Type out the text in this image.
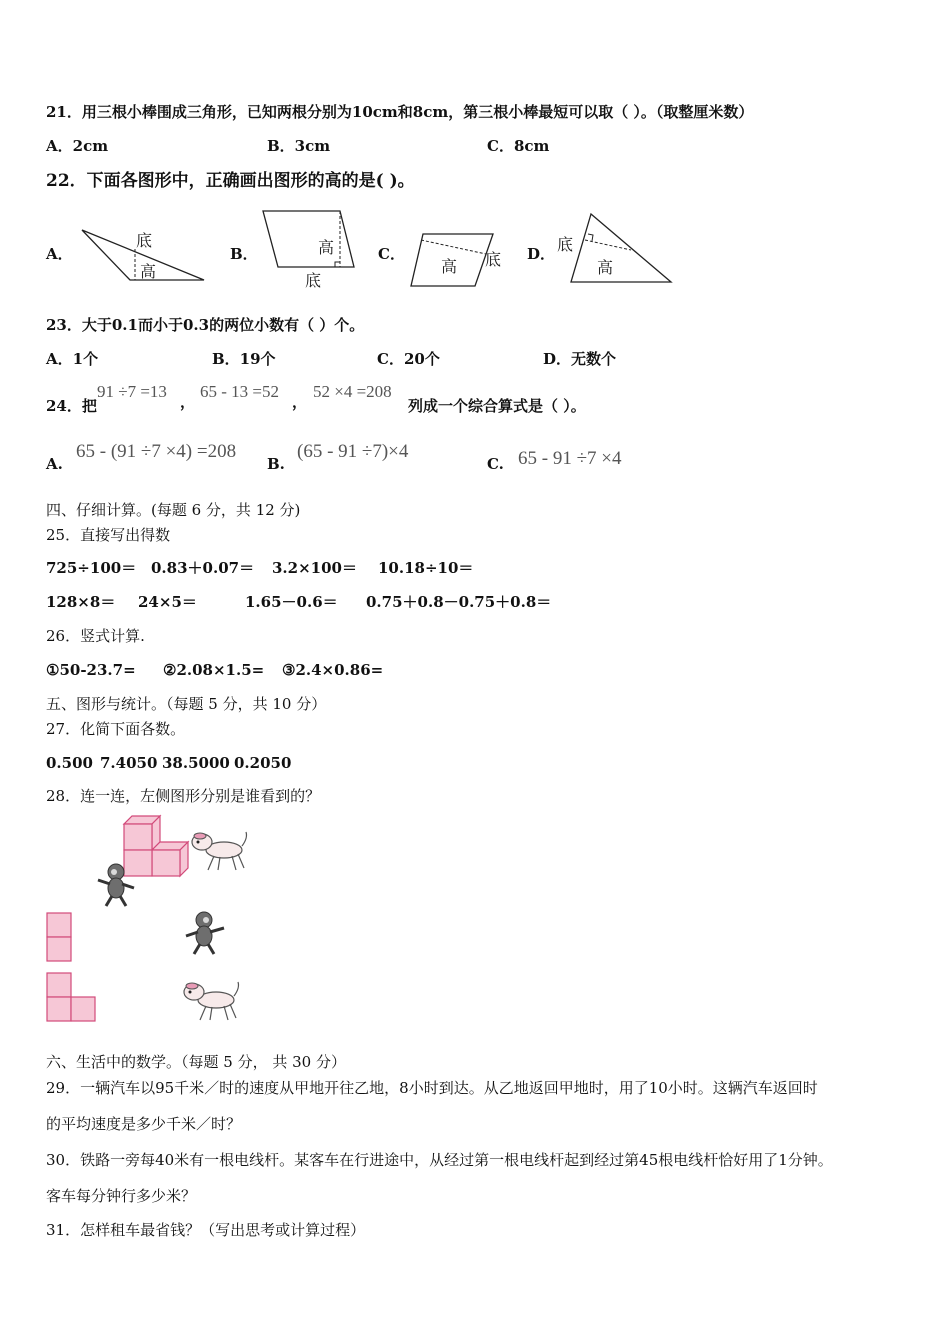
21．用三根小棒围成三角形，已知两根分别为10cm和8cm，第三根小棒最短可以取（ ）。（取整厘米数）
A．2cm	B．3cm	C．8cm
22．下面各图形中，正确画出图形的高的是( )。
A．
底
高
B．	高
底
C．
高 底 D． 底
高
23．大于0.1而小于0.3的两位小数有（ ）个。
A．1个	B．19个	C．20个	D．无数个
24．把
91 ÷7 =13
，
65 - 13 =52
，
52 ×4 =208
列成一个综合算式是（ ）。
A.
65 - (91 ÷7 ×4) =208
B.
(65 - 91 ÷7)×4
C. 65 - 91 ÷7 ×4
四、仔细计算。(每题 6 分，共 12 分)
25．直接写出得数
725÷100＝ 0.83＋0.07＝ 3.2×100＝ 10.18÷10＝
128×8＝ 24×5＝	1.65－0.6＝ 0.75＋0.8－0.75＋0.8＝
26．竖式计算.
①50-23.7= ②2.08×1.5= ③2.4×0.86=
五、图形与统计。（每题 5 分，共 10 分）
27．化简下面各数。
0.500 7.4050 38.5000 0.2050
28．连一连，左侧图形分别是谁看到的？
六、生活中的数学。（每题 5 分， 共 30 分）
29．一辆汽车以95千米／时的速度从甲地开往乙地，8小时到达。从乙地返回甲地时，用了10小时。这辆汽车返回时
的平均速度是多少千米／时？
30．铁路一旁每40米有一根电线杆。某客车在行进途中，从经过第一根电线杆起到经过第45根电线杆恰好用了1分钟。
客车每分钟行多少米？
31．怎样租车最省钱？（写出思考或计算过程）
